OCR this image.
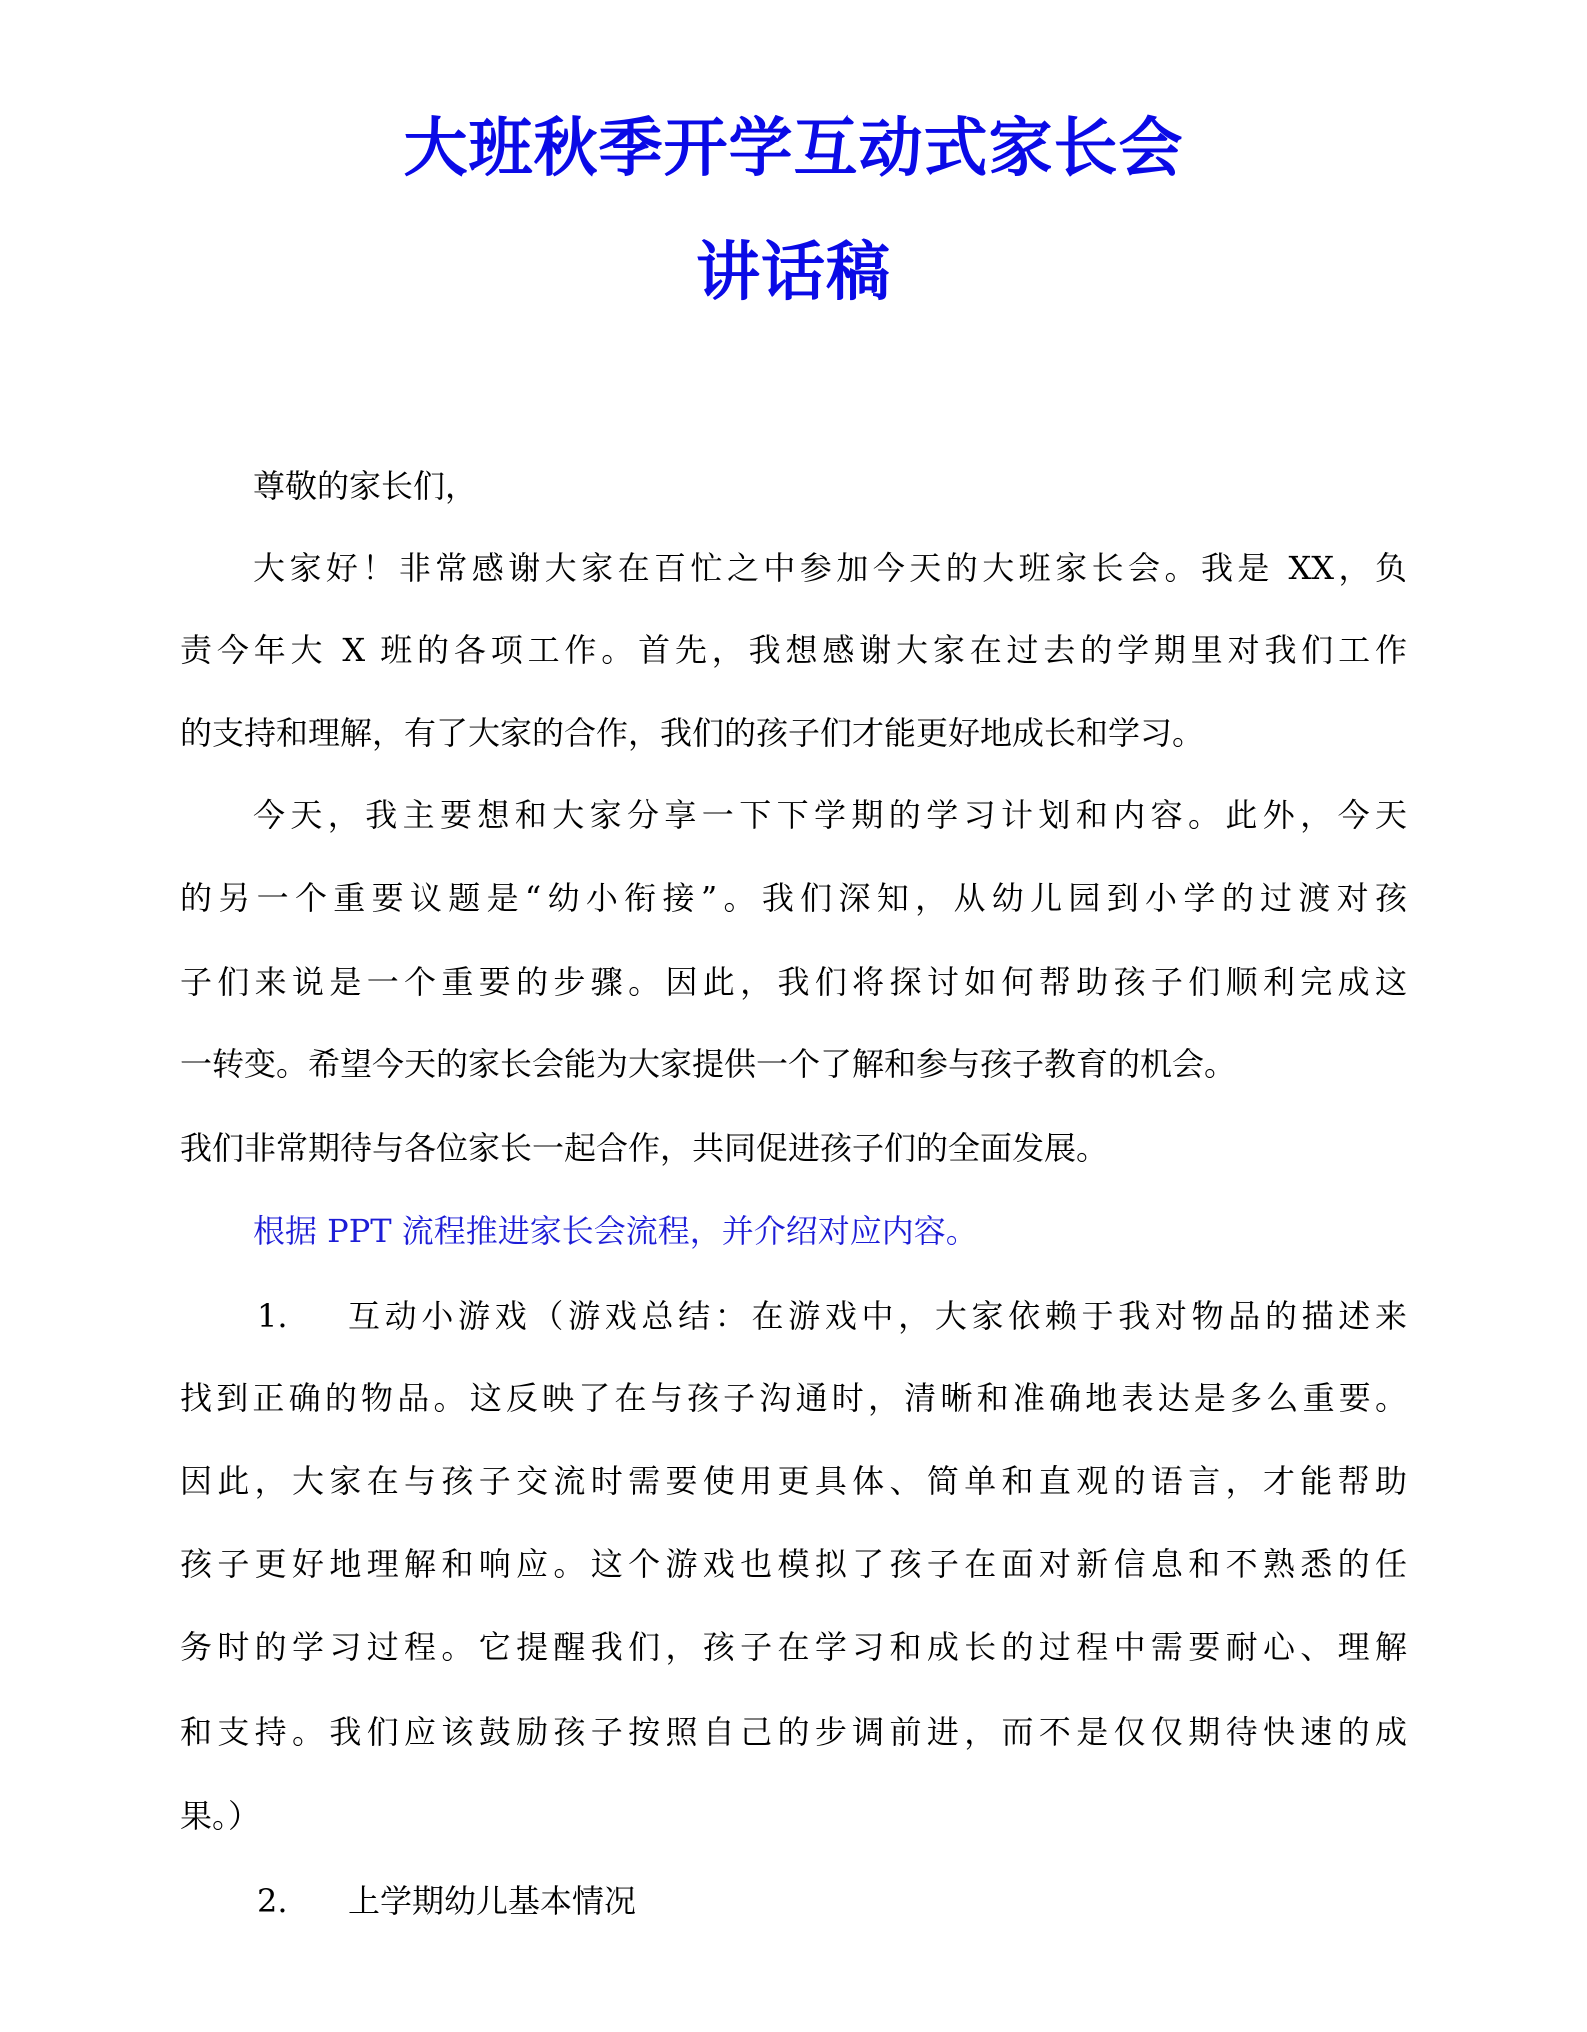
大班秋季开学互动式家长会
讲话稿
尊敬的家长们，
大家好！非常感谢大家在百忙之中参加今天的大班家长会。我是 XX，负
责今年大 X 班的各项工作。首先，我想感谢大家在过去的学期里对我们工作
的支持和理解，有了大家的合作，我们的孩子们才能更好地成长和学习。
今天，我主要想和大家分享一下下学期的学习计划和内容。此外，今天
的另一个重要议题是“幼小衔接”。我们深知，从幼儿园到小学的过渡对孩
子们来说是一个重要的步骤。因此，我们将探讨如何帮助孩子们顺利完成这
一转变。希望今天的家长会能为大家提供一个了解和参与孩子教育的机会。
我们非常期待与各位家长一起合作，共同促进孩子们的全面发展。
根据 PPT 流程推进家长会流程，并介绍对应内容。
1. 互动小游戏（游戏总结：在游戏中，大家依赖于我对物品的描述来
找到正确的物品。这反映了在与孩子沟通时，清晰和准确地表达是多么重要。
因此，大家在与孩子交流时需要使用更具体、简单和直观的语言，才能帮助
孩子更好地理解和响应。这个游戏也模拟了孩子在面对新信息和不熟悉的任
务时的学习过程。它提醒我们，孩子在学习和成长的过程中需要耐心、理解
和支持。我们应该鼓励孩子按照自己的步调前进，而不是仅仅期待快速的成
果。）
2. 上学期幼儿基本情况
